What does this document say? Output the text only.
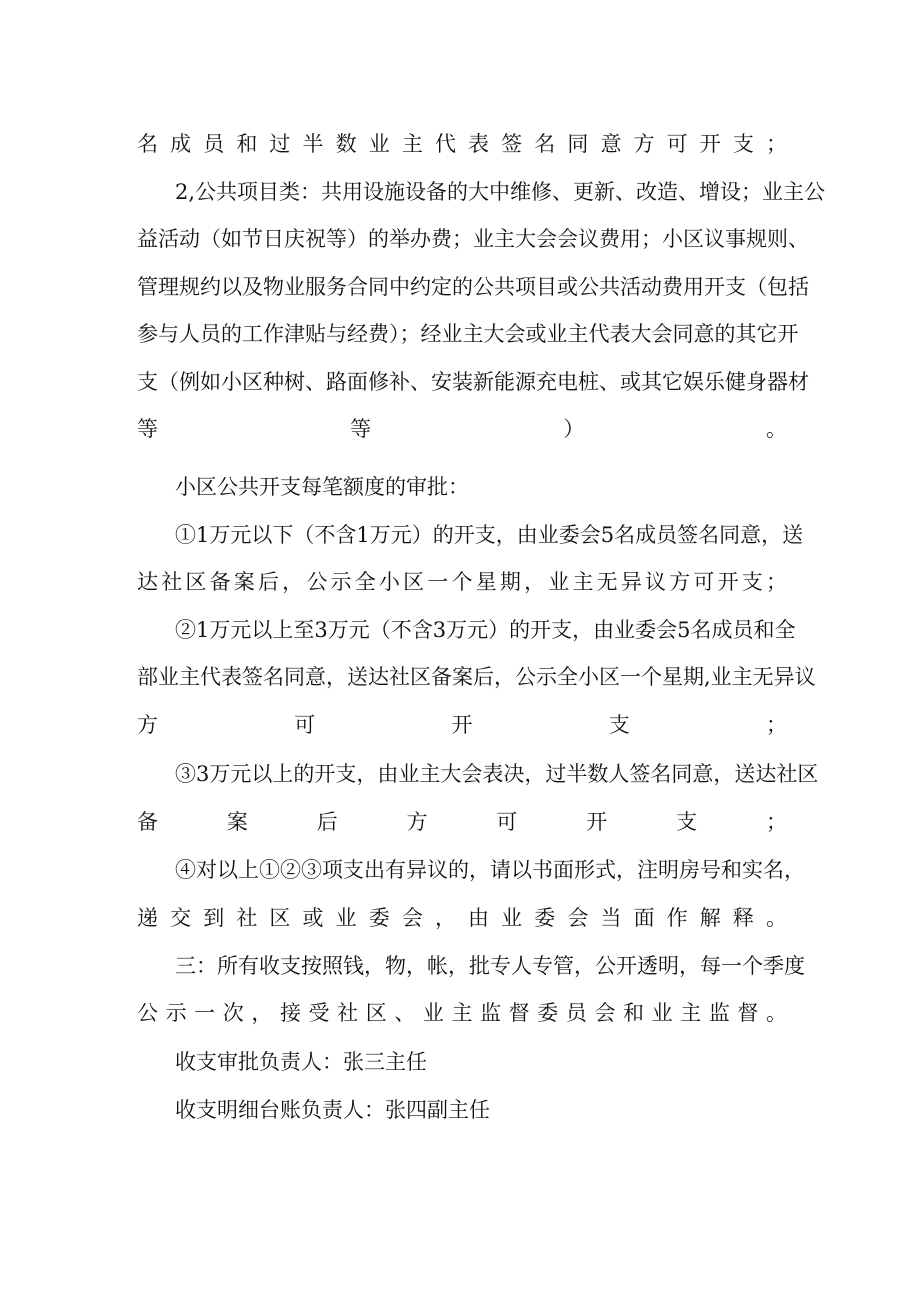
名成员和过半数业主代表签名同意方可开支；
2,公共项目类：共用设施设备的大中维修、更新、改造、增设；业主公
益活动（如节日庆祝等）的举办费；业主大会会议费用；小区议事规则、
管理规约以及物业服务合同中约定的公共项目或公共活动费用开支（包括
参与人员的工作津贴与经费）；经业主大会或业主代表大会同意的其它开
支（例如小区种树、路面修补、安装新能源充电桩、或其它娱乐健身器材
等等）。
小区公共开支每笔额度的审批：
①1万元以下（不含1万元）的开支，由业委会5名成员签名同意，送
达社区备案后，公示全小区一个星期，业主无异议方可开支；
②1万元以上至3万元（不含3万元）的开支，由业委会5名成员和全
部业主代表签名同意，送达社区备案后，公示全小区一个星期,业主无异议
方可开支；
③3万元以上的开支，由业主大会表决，过半数人签名同意，送达社区
备案后方可开支；
④对以上①②③项支出有异议的，请以书面形式，注明房号和实名，
递交到社区或业委会，由业委会当面作解释。
三：所有收支按照钱，物，帐，批专人专管，公开透明，每一个季度
公示一次，接受社区、业主监督委员会和业主监督。
收支审批负责人：张三主任
收支明细台账负责人：张四副主任
